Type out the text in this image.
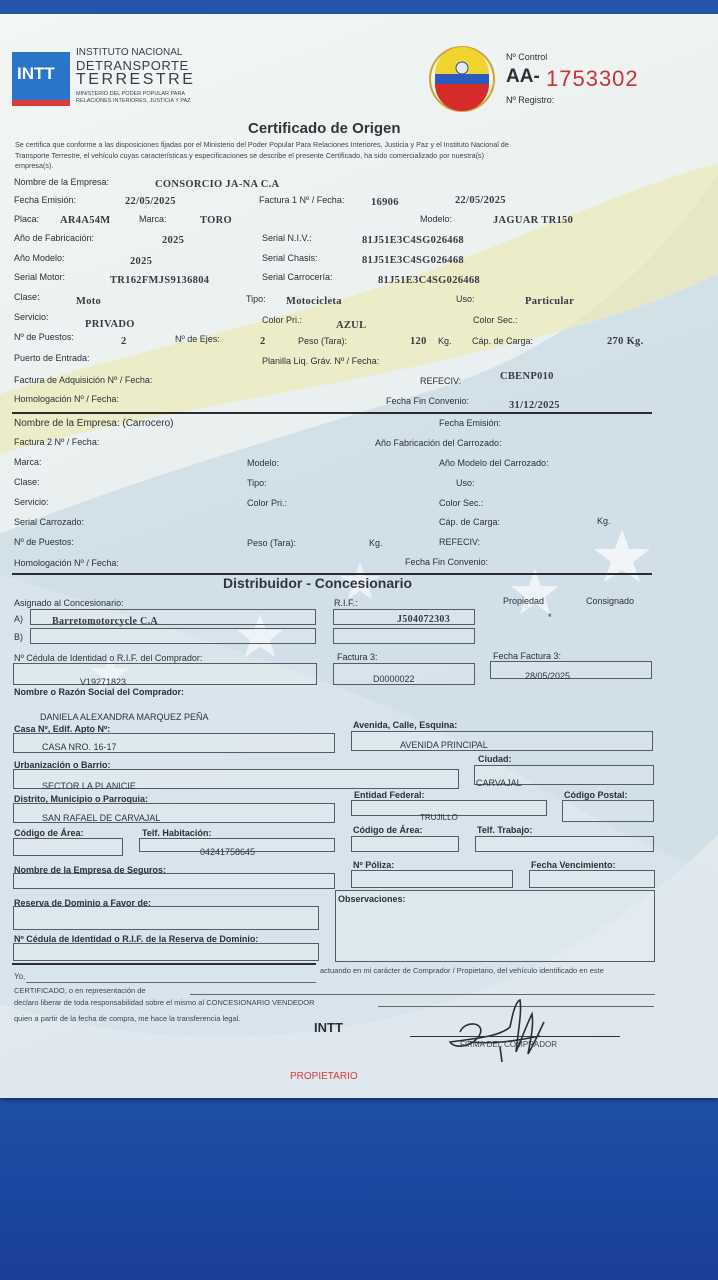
INTT
INSTITUTO NACIONAL
DETRANSPORTE
TERRESTRE
MINISTERIO DEL PODER POPULAR PARA
RELACIONES INTERIORES, JUSTICIA Y PAZ
Nº Control
AA- 1753302
Nº Registro:
Certificado de Origen
Se certifica que conforme a las disposiciones fijadas por el Ministerio del Poder Popular Para Relaciones Interiores, Justicia y Paz y el Instituto Nacional de
Transporte Terrestre, el vehículo cuyas características y especificaciones se describe el presente Certificado, ha sido comercializado por nuestra(s)
empresa(s).
Nombre de la Empresa:	CONSORCIO JA-NA C.A
Fecha Emisión:	22/05/2025	Factura 1 Nº / Fecha:	16906	22/05/2025
Placa: AR4A54M	Marca:	TORO	Modelo:	JAGUAR TR150
Año de Fabricación:	2025	Serial N.I.V.:	81J51E3C4SG026468
Año Modelo:	2025	Serial Chasis:	81J51E3C4SG026468
Serial Motor:	TR162FMJS9136804	Serial Carrocería:	81J51E3C4SG026468
Clase:	Moto	Tipo: Motocicleta	Uso:	Particular
Servicio:
PRIVADO	Color Pri.:	AZUL	Color Sec.:
Nº de Puestos:	2	Nº de Ejes:	2	Peso (Tara):	120 Kg. Cáp. de Carga:	270 Kg.
Puerto de Entrada:	Planilla Liq. Gráv. Nº / Fecha:
Factura de Adquisición Nº / Fecha:	REFECIV:	CBENP010
Homologación Nº / Fecha:	Fecha Fin Convenio:	31/12/2025
Nombre de la Empresa: (Carrocero)	Fecha Emisión:
Factura 2 Nº / Fecha:	Año Fabricación del Carrozado:
Marca:	Modelo:	Año Modelo del Carrozado:
Clase:	Tipo:	Uso:
Servicio:	Color Pri.:	Color Sec.:
Serial Carrozado:	Cáp. de Carga:	Kg.
Nº de Puestos:	Peso (Tara):	Kg.	REFECIV:
Homologación Nº / Fecha:	Fecha Fin Convenio:
Distribuidor - Concesionario
Asignado al Concesionario:	R.I.F.:	Propiedad	Consignado
A)	Barretomotorcycle C.A	J504072303	*
B)
Nº Cédula de Identidad o R.I.F. del Comprador:
V19271823
Factura 3:
D0000022
Fecha Factura 3:
28/05/2025
Nombre o Razón Social del Comprador:
DANIELA ALEXANDRA MARQUEZ PEÑA
Casa Nº, Edif. Apto Nº:
CASA NRO. 16-17
Avenida, Calle, Esquina:
AVENIDA PRINCIPAL
Urbanización o Barrio:
SECTOR LA PLANICIE
Ciudad:
CARVAJAL
Distrito, Municipio o Parroquia:
SAN RAFAEL DE CARVAJAL
Entidad Federal:
TRUJILLO
Código Postal:
Código de Área:	Telf. Habitación:
04241758645
Código de Área:	Telf. Trabajo:
Nombre de la Empresa de Seguros:	Nº Póliza:	Fecha Vencimiento:
Reserva de Dominio a Favor de:	Observaciones:
Nº Cédula de Identidad o R.I.F. de la Reserva de Dominio:
Yo,
actuando en mi carácter de Comprador / Propietario, del vehículo identificado en este
CERTIFICADO, o en representación de
declaro liberar de toda responsabilidad sobre el mismo al CONCESIONARIO VENDEDOR
quien a partir de la fecha de compra, me hace la transferencia legal.
INTT
FIRMA DEL COMPRADOR
PROPIETARIO
